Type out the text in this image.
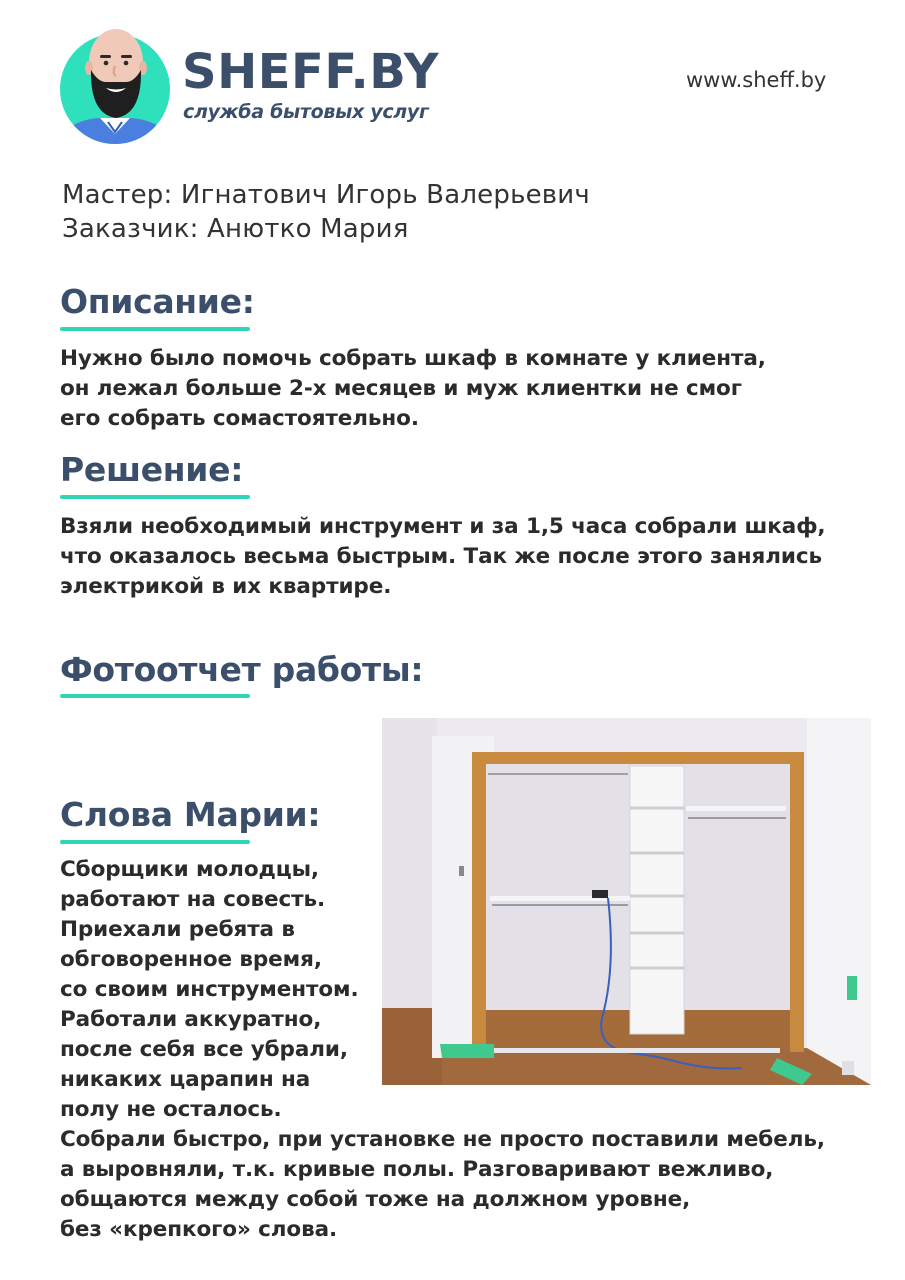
SHEFF.BY
служба бытовых услуг
www.sheff.by
Мастер: Игнатович Игорь Валерьевич
Заказчик: Анютко Мария
Описание:
Нужно было помочь собрать шкаф в комнате у клиента,
он лежал больше 2-х месяцев и муж клиентки не смог
его собрать сомастоятельно.
Решение:
Взяли необходимый инструмент и за 1,5 часа собрали шкаф,
что оказалось весьма быстрым. Так же после этого занялись
электрикой в их квартире.
Фотоотчет работы:
Слова Марии:
Сборщики молодцы,
работают на совесть.
Приехали ребята в
обговоренное время,
со своим инструментом.
Работали аккуратно,
после себя все убрали,
никаких царапин на
полу не осталось.
Собрали быстро, при установке не просто поставили мебель,
а выровняли, т.к. кривые полы. Разговаривают вежливо,
общаются между собой тоже на должном уровне,
без «крепкого» слова.
